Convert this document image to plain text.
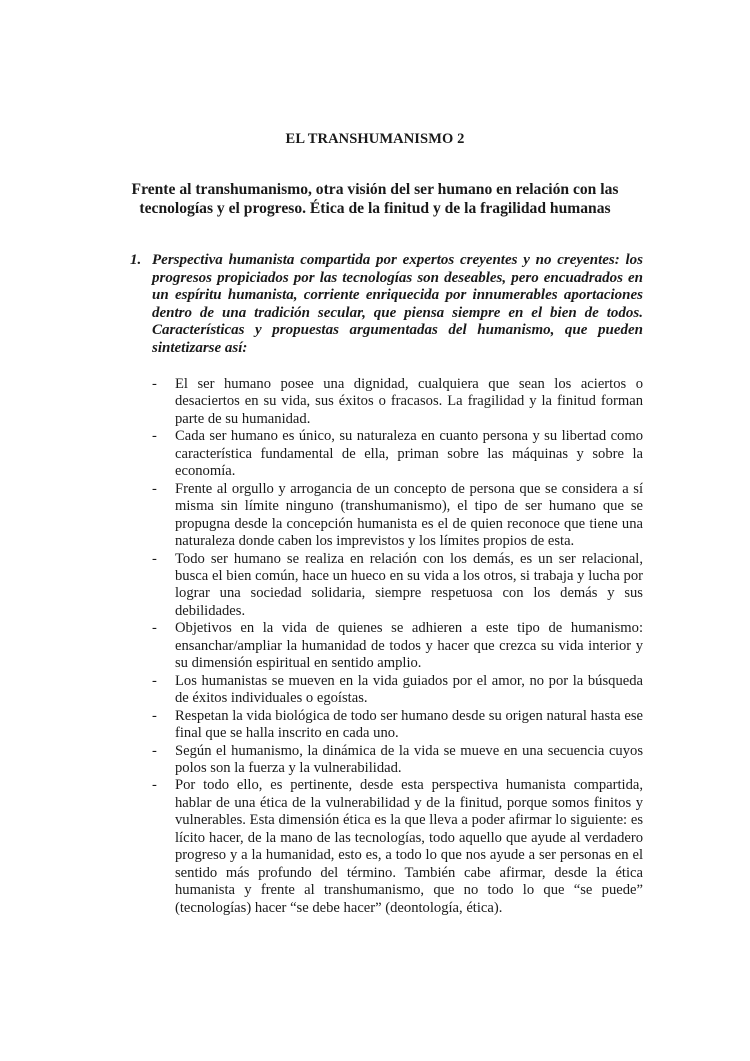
EL TRANSHUMANISMO 2
Frente al transhumanismo, otra visión del ser humano en relación con las tecnologías y el progreso. Ética de la finitud y de la fragilidad humanas
1. Perspectiva humanista compartida por expertos creyentes y no creyentes: los progresos propiciados por las tecnologías son deseables, pero encuadrados en un espíritu humanista, corriente enriquecida por innumerables aportaciones dentro de una tradición secular, que piensa siempre en el bien de todos. Características y propuestas argumentadas del humanismo, que pueden sintetizarse así:
- El ser humano posee una dignidad, cualquiera que sean los aciertos o desaciertos en su vida, sus éxitos o fracasos. La fragilidad y la finitud forman parte de su humanidad.
- Cada ser humano es único, su naturaleza en cuanto persona y su libertad como característica fundamental de ella, priman sobre las máquinas y sobre la economía.
- Frente al orgullo y arrogancia de un concepto de persona que se considera a sí misma sin límite ninguno (transhumanismo), el tipo de ser humano que se propugna desde la concepción humanista es el de quien reconoce que tiene una naturaleza donde caben los imprevistos y los límites propios de esta.
- Todo ser humano se realiza en relación con los demás, es un ser relacional, busca el bien común, hace un hueco en su vida a los otros, si trabaja y lucha por lograr una sociedad solidaria, siempre respetuosa con los demás y sus debilidades.
- Objetivos en la vida de quienes se adhieren a este tipo de humanismo: ensanchar/ampliar la humanidad de todos y hacer que crezca su vida interior y su dimensión espiritual en sentido amplio.
- Los humanistas se mueven en la vida guiados por el amor, no por la búsqueda de éxitos individuales o egoístas.
- Respetan la vida biológica de todo ser humano desde su origen natural hasta ese final que se halla inscrito en cada uno.
- Según el humanismo, la dinámica de la vida se mueve en una secuencia cuyos polos son la fuerza y la vulnerabilidad.
- Por todo ello, es pertinente, desde esta perspectiva humanista compartida, hablar de una ética de la vulnerabilidad y de la finitud, porque somos finitos y vulnerables. Esta dimensión ética es la que lleva a poder afirmar lo siguiente: es lícito hacer, de la mano de las tecnologías, todo aquello que ayude al verdadero progreso y a la humanidad, esto es, a todo lo que nos ayude a ser personas en el sentido más profundo del término. También cabe afirmar, desde la ética humanista y frente al transhumanismo, que no todo lo que “se puede” (tecnologías) hacer “se debe hacer” (deontología, ética).
